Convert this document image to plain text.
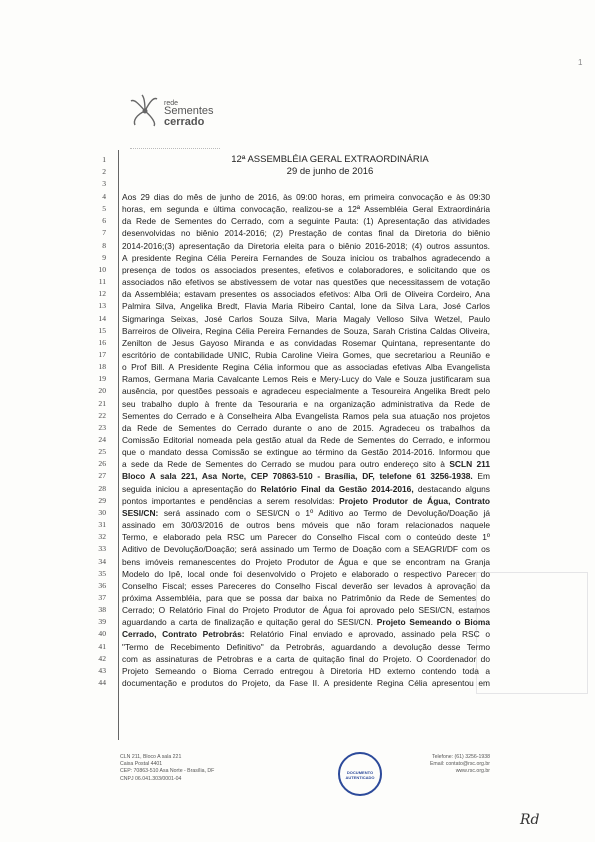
1
rede
Sementes
cerrado
12ª ASSEMBLÉIA GERAL EXTRAORDINÁRIA
29 de junho de 2016
1
2
3
4 Aos 29 dias do mês de junho de 2016, às 09:00 horas, em primeira convocação e às 09:30
5 horas, em segunda e última convocação, realizou-se a 12ª Assembléia Geral Extraordinária
6 da Rede de Sementes do Cerrado, com a seguinte Pauta: (1) Apresentação das atividades
7 desenvolvidas no biênio 2014-2016; (2) Prestação de contas final da Diretoria do biênio
8 2014-2016;(3) apresentação da Diretoria eleita para o biênio 2016-2018; (4) outros assuntos.
9 A presidente Regina Célia Pereira Fernandes de Souza iniciou os trabalhos agradecendo a
10 presença de todos os associados presentes, efetivos e colaboradores, e solicitando que os
11 associados não efetivos se abstivessem de votar nas questões que necessitassem de votação
12 da Assembléia; estavam presentes os associados efetivos: Alba Orli de Oliveira Cordeiro, Ana
13 Palmira Silva, Angelika Bredt, Flavia Maria Ribeiro Cantal, Ione da Silva Lara, José Carlos
14 Sigmaringa Seixas, José Carlos Souza Silva, Maria Magaly Velloso Silva Wetzel, Paulo
15 Barreiros de Oliveira, Regina Célia Pereira Fernandes de Souza, Sarah Cristina Caldas Oliveira,
16 Zenilton de Jesus Gayoso Miranda e as convidadas Rosemar Quintana, representante do
17 escritório de contabilidade UNIC, Rubia Caroline Vieira Gomes, que secretariou a Reunião e
18 o Prof Bill. A Presidente Regina Célia informou que as associadas efetivas Alba Evangelista
19 Ramos, Germana Maria Cavalcante Lemos Reis e Mery-Lucy do Vale e Souza justificaram sua
20 ausência, por questões pessoais e agradeceu especialmente a Tesoureira Angelika Bredt pelo
21 seu trabalho duplo à frente da Tesouraria e na organização administrativa da Rede de
22 Sementes do Cerrado e à Conselheira Alba Evangelista Ramos pela sua atuação nos projetos
23 da Rede de Sementes do Cerrado durante o ano de 2015. Agradeceu os trabalhos da
24 Comissão Editorial nomeada pela gestão atual da Rede de Sementes do Cerrado, e informou
25 que o mandato dessa Comissão se extingue ao término da Gestão 2014-2016. Informou que
26 a sede da Rede de Sementes do Cerrado se mudou para outro endereço sito à SCLN 211
27 Bloco A sala 221, Asa Norte, CEP 70863-510 - Brasília, DF, telefone 61 3256-1938. Em
28 seguida iniciou a apresentação do Relatório Final da Gestão 2014-2016, destacando alguns
29 pontos importantes e pendências a serem resolvidas: Projeto Produtor de Água, Contrato
30 SESI/CN: será assinado com o SESI/CN o 1º Aditivo ao Termo de Devolução/Doação já
31 assinado em 30/03/2016 de outros bens móveis que não foram relacionados naquele
32 Termo, e elaborado pela RSC um Parecer do Conselho Fiscal com o conteúdo deste 1º
33 Aditivo de Devolução/Doação; será assinado um Termo de Doação com a SEAGRI/DF com os
34 bens imóveis remanescentes do Projeto Produtor de Água e que se encontram na Granja
35 Modelo do Ipê, local onde foi desenvolvido o Projeto e elaborado o respectivo Parecer do
36 Conselho Fiscal; esses Pareceres do Conselho Fiscal deverão ser levados à aprovação da
37 próxima Assembléia, para que se possa dar baixa no Patrimônio da Rede de Sementes do
38 Cerrado; O Relatório Final do Projeto Produtor de Água foi aprovado pelo SESI/CN, estamos
39 aguardando a carta de finalização e quitação geral do SESI/CN. Projeto Semeando o Bioma
40 Cerrado, Contrato Petrobrás: Relatório Final enviado e aprovado, assinado pela RSC o
41 "Termo de Recebimento Definitivo" da Petrobrás, aguardando a devolução desse Termo
42 com as assinaturas de Petrobras e a carta de quitação final do Projeto. O Coordenador do
43 Projeto Semeando o Bioma Cerrado entregou à Diretoria HD externo contendo toda a
44 documentação e produtos do Projeto, da Fase II. A presidente Regina Célia apresentou em
CLN 211, Bloco A sala 221
Caixa Postal 4401
CEP: 70863-510 Asa Norte - Brasília, DF
CNPJ 06.041.303/0001-04
DOCUMENTO AUTENTICADO
Telefone: (61) 3256-1938
Email: contato@rsc.org.br
www.rsc.org.br
Rd
